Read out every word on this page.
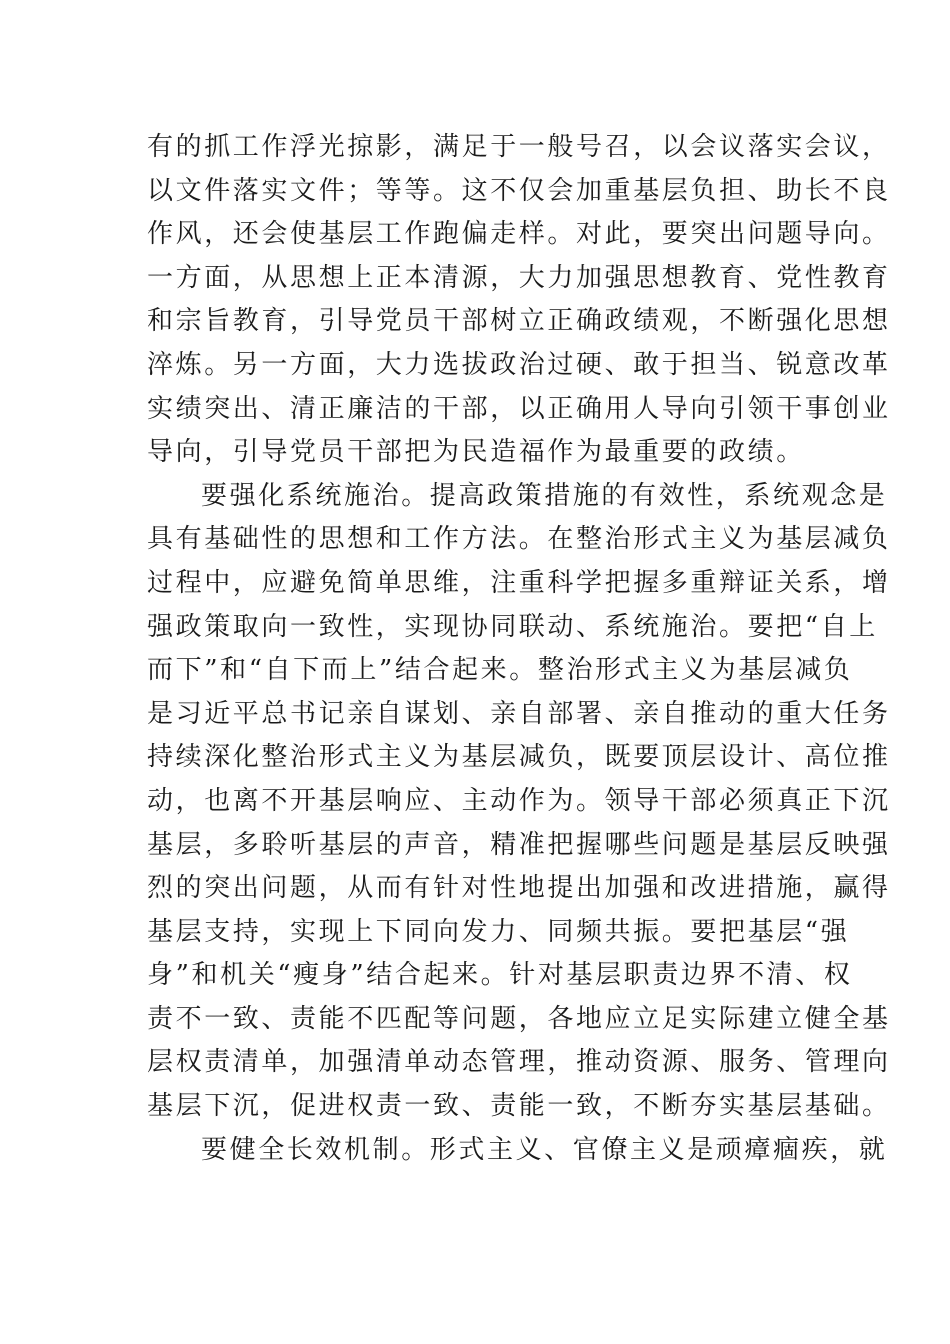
有的抓工作浮光掠影，满足于一般号召，以会议落实会议，
以文件落实文件；等等。这不仅会加重基层负担、助长不良
作风，还会使基层工作跑偏走样。对此，要突出问题导向。
一方面，从思想上正本清源，大力加强思想教育、党性教育
和宗旨教育，引导党员干部树立正确政绩观，不断强化思想
淬炼。另一方面，大力选拔政治过硬、敢于担当、锐意改革
实绩突出、清正廉洁的干部，以正确用人导向引领干事创业
导向，引导党员干部把为民造福作为最重要的政绩。
要强化系统施治。提高政策措施的有效性，系统观念是
具有基础性的思想和工作方法。在整治形式主义为基层减负
过程中，应避免简单思维，注重科学把握多重辩证关系，增
强政策取向一致性，实现协同联动、系统施治。要把“自上
而下”和“自下而上”结合起来。整治形式主义为基层减负
是习近平总书记亲自谋划、亲自部署、亲自推动的重大任务
持续深化整治形式主义为基层减负，既要顶层设计、高位推
动，也离不开基层响应、主动作为。领导干部必须真正下沉
基层，多聆听基层的声音，精准把握哪些问题是基层反映强
烈的突出问题，从而有针对性地提出加强和改进措施，赢得
基层支持，实现上下同向发力、同频共振。要把基层“强
身”和机关“瘦身”结合起来。针对基层职责边界不清、权
责不一致、责能不匹配等问题，各地应立足实际建立健全基
层权责清单，加强清单动态管理，推动资源、服务、管理向
基层下沉，促进权责一致、责能一致，不断夯实基层基础。
要健全长效机制。形式主义、官僚主义是顽瘴痼疾，就
